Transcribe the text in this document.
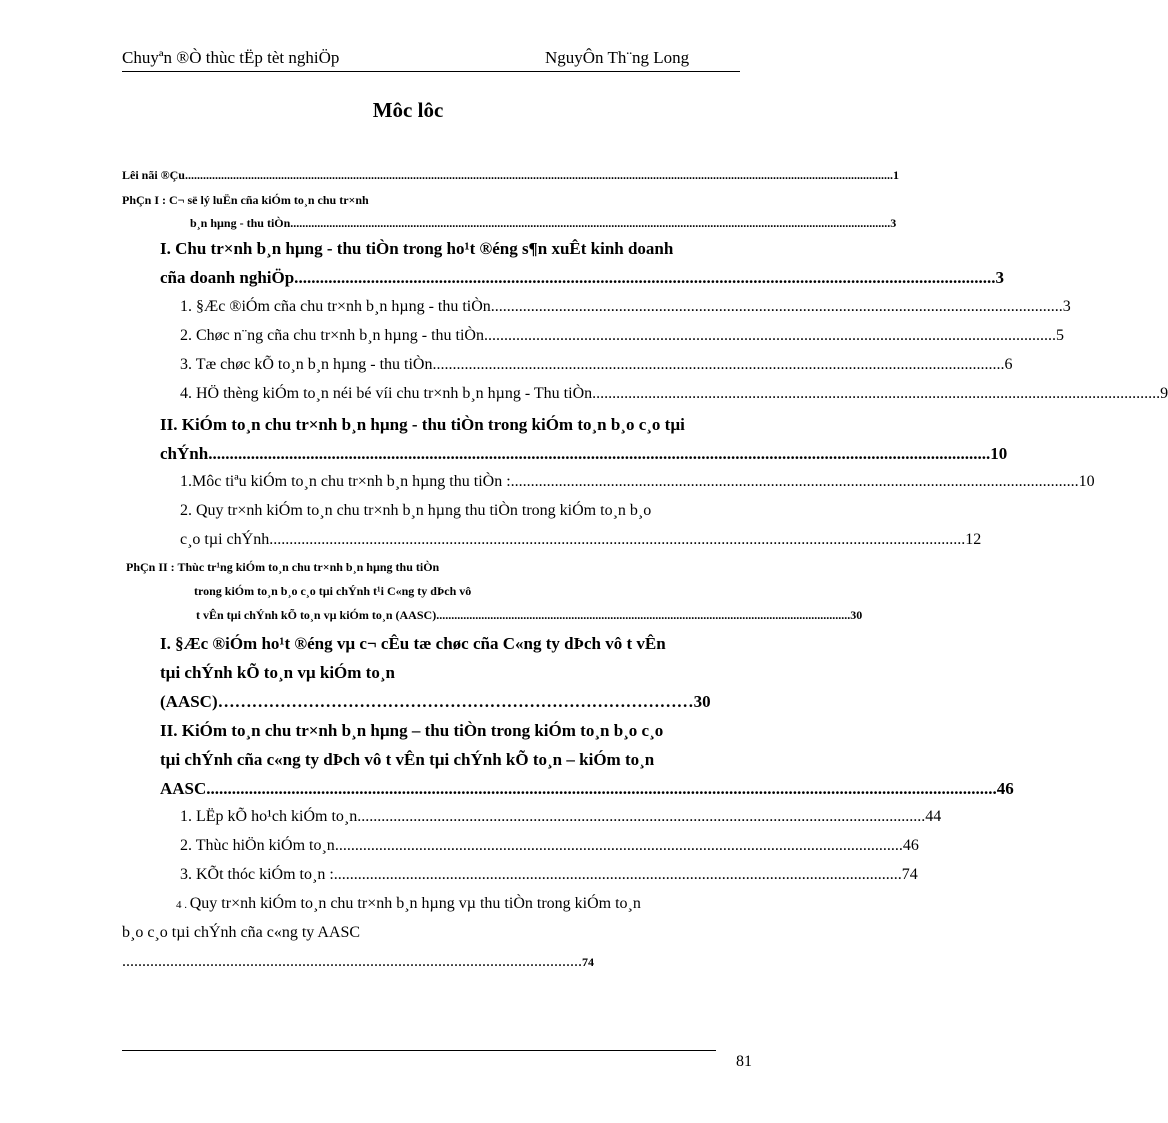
Chuyªn ®Ò thùc tËp tèt nghiÖp	NguyÔn Th¨ng Long
Môc lôc
Lêi nãi ®Çu ............................................................................................................................................................................................................................................ 1
PhÇn I : C¬ së lý luËn cña kiÓm to¸n chu tr×nh
b¸n hµng - thu tiÒn ........................................................................................................................................................................................................ 3
I. Chu tr×nh b¸n hµng - thu tiÒn trong ho¹t ®éng s¶n xuÊt kinh doanh
cña doanh nghiÖp. .................................................................................................................................................................... 3
1. §Æc ®iÓm cña chu tr×nh b¸n hµng - thu tiÒn. .............................................................................................................................................. 3
2. Chøc n¨ng cña chu tr×nh b¸n hµng - thu tiÒn. .............................................................................................................................................. 5
3. Tæ chøc kÕ to¸n b¸n hµng - thu tiÒn. .............................................................................................................................................. 6
4. HÖ thèng kiÓm to¸n néi bé víi chu tr×nh b¸n hµng - Thu tiÒn .............................................................................................................................................. 9
II. KiÓm to¸n chu tr×nh b¸n hµng - thu tiÒn trong kiÓm to¸n b¸o c¸o tµi
chÝnh ........................................................................................................................................................................................ 10
1.Môc tiªu kiÓm to¸n chu tr×nh b¸n hµng thu tiÒn : .............................................................................................................................................. 10
2. Quy tr×nh kiÓm to¸n chu tr×nh b¸n hµng thu tiÒn trong kiÓm to¸n b¸o
c¸o tµi chÝnh .............................................................................................................................................................................. 12
PhÇn II : Thùc tr¹ng kiÓm to¸n chu tr×nh b¸n hµng thu tiÒn
trong kiÓm to¸n b¸o c¸o tµi chÝnh t¹i C«ng ty dÞch vô
t vÊn tµi chÝnh kÕ to¸n vµ kiÓm to¸n (AASC) .......................................................................................................................................... 30
I. §Æc ®iÓm ho¹t ®éng vµ c¬ cÊu tæ chøc cña C«ng ty dÞch vô t vÊn
tµi chÝnh kÕ to¸n vµ kiÓm to¸n
(AASC) ………………………………………………………………………… 30
II. KiÓm to¸n chu tr×nh b¸n hµng – thu tiÒn trong kiÓm to¸n b¸o c¸o
tµi chÝnh cña c«ng ty dÞch vô t vÊn tµi chÝnh kÕ to¸n – kiÓm to¸n
AASC .......................................................................................................................................................................................... 46
1. LËp kÕ ho¹ch kiÓm to¸n .............................................................................................................................................. 44
2. Thùc hiÖn kiÓm to¸n .............................................................................................................................................. 46
3. KÕt thóc kiÓm to¸n : .............................................................................................................................................. 74
4 . Quy tr×nh kiÓm to¸n chu tr×nh b¸n hµng vµ thu tiÒn trong kiÓm to¸n
b¸o c¸o tµi chÝnh cña c«ng ty AASC
................................................................................................................... 74
81
